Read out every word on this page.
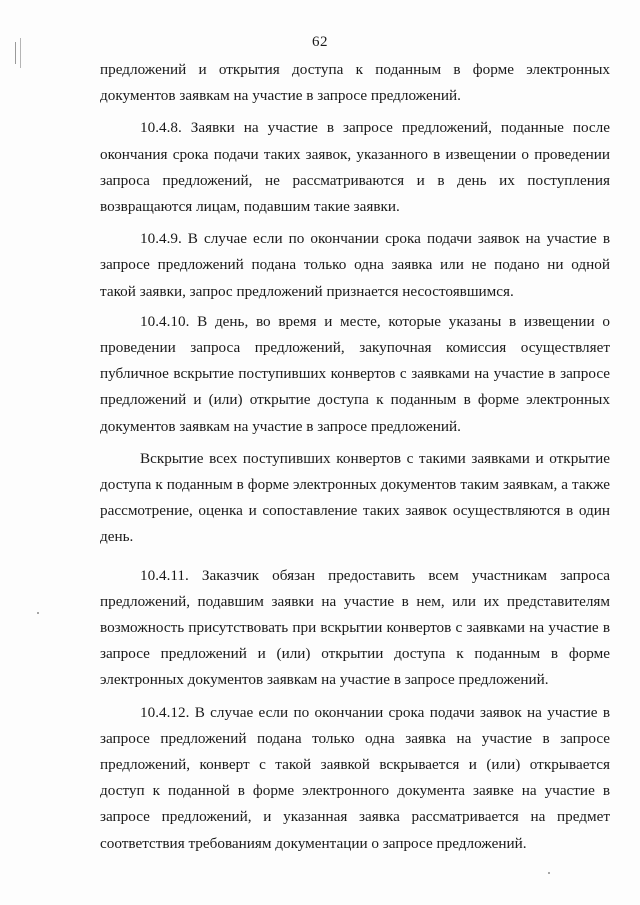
62

предложений и открытия доступа к поданным в форме электронных документов заявкам на участие в запросе предложений.

10.4.8. Заявки на участие в запросе предложений, поданные после окончания срока подачи таких заявок, указанного в извещении о проведении запроса предложений, не рассматриваются и в день их поступления возвращаются лицам, подавшим такие заявки.

10.4.9. В случае если по окончании срока подачи заявок на участие в запросе предложений подана только одна заявка или не подано ни одной такой заявки, запрос предложений признается несостоявшимся.

10.4.10. В день, во время и месте, которые указаны в извещении о проведении запроса предложений, закупочная комиссия осуществляет публичное вскрытие поступивших конвертов с заявками на участие в запросе предложений и (или) открытие доступа к поданным в форме электронных документов заявкам на участие в запросе предложений.

Вскрытие всех поступивших конвертов с такими заявками и открытие доступа к поданным в форме электронных документов таким заявкам, а также рассмотрение, оценка и сопоставление таких заявок осуществляются в один день.

10.4.11. Заказчик обязан предоставить всем участникам запроса предложений, подавшим заявки на участие в нем, или их представителям возможность присутствовать при вскрытии конвертов с заявками на участие в запросе предложений и (или) открытии доступа к поданным в форме электронных документов заявкам на участие в запросе предложений.

10.4.12. В случае если по окончании срока подачи заявок на участие в запросе предложений подана только одна заявка на участие в запросе предложений, конверт с такой заявкой вскрывается и (или) открывается доступ к поданной в форме электронного документа заявке на участие в запросе предложений, и указанная заявка рассматривается на предмет соответствия требованиям документации о запросе предложений.
